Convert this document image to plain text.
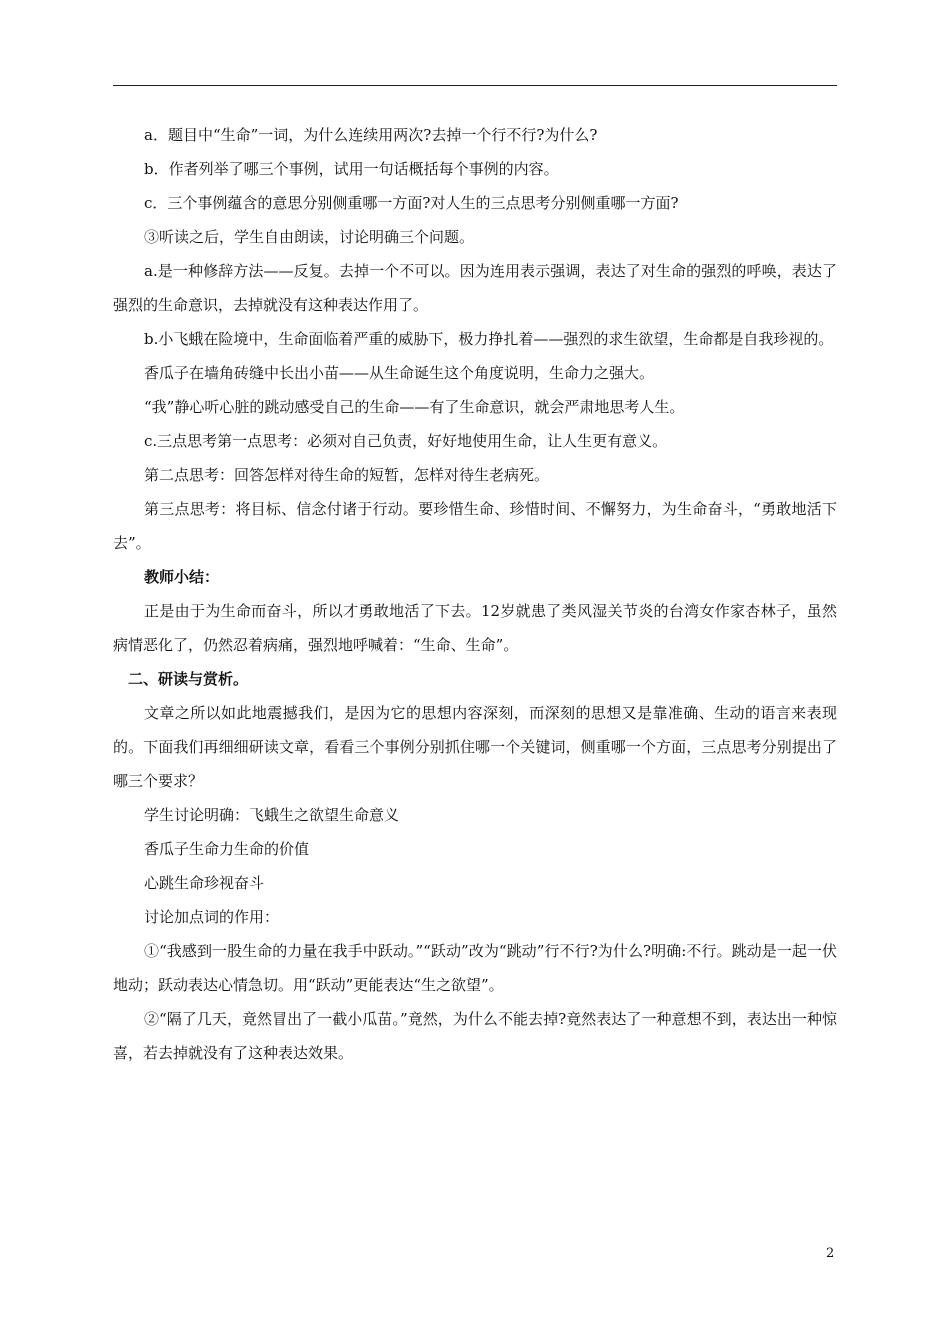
a．题目中“生命”一词，为什么连续用两次?去掉一个行不行?为什么?

b．作者列举了哪三个事例，试用一句话概括每个事例的内容。

c．三个事例蕴含的意思分别侧重哪一方面?对人生的三点思考分别侧重哪一方面?

③听读之后，学生自由朗读，讨论明确三个问题。

a.是一种修辞方法——反复。去掉一个不可以。因为连用表示强调，表达了对生命的强烈的呼唤，表达了强烈的生命意识，去掉就没有这种表达作用了。

b.小飞蛾在险境中，生命面临着严重的威胁下，极力挣扎着——强烈的求生欲望，生命都是自我珍视的。

香瓜子在墙角砖缝中长出小苗——从生命诞生这个角度说明，生命力之强大。

“我”静心听心脏的跳动感受自己的生命——有了生命意识，就会严肃地思考人生。

c.三点思考第一点思考：必须对自己负责，好好地使用生命，让人生更有意义。

第二点思考：回答怎样对待生命的短暂，怎样对待生老病死。

第三点思考：将目标、信念付诸于行动。要珍惜生命、珍惜时间、不懈努力，为生命奋斗，“勇敢地活下去”。

教师小结：

正是由于为生命而奋斗，所以才勇敢地活了下去。12岁就患了类风湿关节炎的台湾女作家杏林子，虽然病情恶化了，仍然忍着病痛，强烈地呼喊着：“生命、生命”。

二、研读与赏析。

文章之所以如此地震撼我们，是因为它的思想内容深刻，而深刻的思想又是靠准确、生动的语言来表现的。下面我们再细细研读文章，看看三个事例分别抓住哪一个关键词，侧重哪一个方面，三点思考分别提出了哪三个要求？

学生讨论明确：飞蛾生之欲望生命意义

香瓜子生命力生命的价值

心跳生命珍视奋斗

讨论加点词的作用：

①“我感到一股生命的力量在我手中跃动。”“跃动”改为“跳动”行不行?为什么?明确:不行。跳动是一起一伏地动；跃动表达心情急切。用“跃动”更能表达“生之欲望”。

②“隔了几天，竟然冒出了一截小瓜苗。”竟然，为什么不能去掉?竟然表达了一种意想不到，表达出一种惊喜，若去掉就没有了这种表达效果。

2
